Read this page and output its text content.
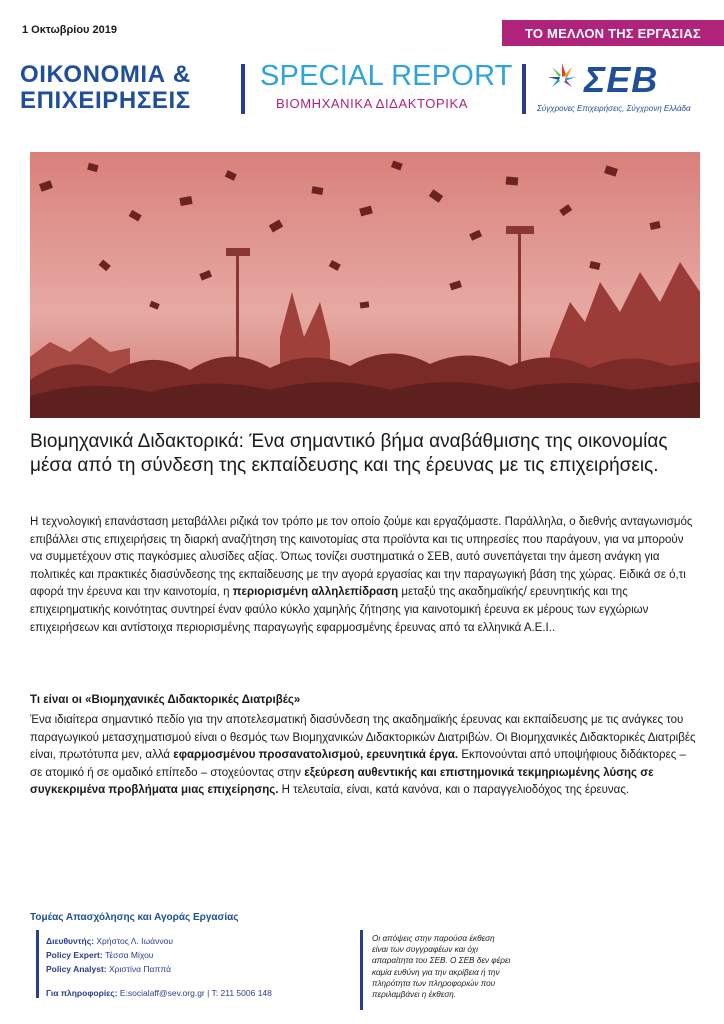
1 Οκτωβρίου 2019	ΤΟ ΜΕΛΛΟΝ ΤΗΣ ΕΡΓΑΣΙΑΣ
ΟΙΚΟΝΟΜΙΑ &
ΕΠΙΧΕΙΡΗΣΕΙΣ
SPECIAL REPORT
ΒΙΟΜΗΧΑΝΙΚΑ ΔΙΔΑΚΤΟΡΙΚΑ
ΣΕΒ
Σύγχρονες Επιχειρήσεις, Σύγχρονη Ελλάδα
Βιομηχανικά Διδακτορικά: Ένα σημαντικό βήμα αναβάθμισης της οικονομίας μέσα από τη σύνδεση της εκπαίδευσης και της έρευνας με τις επιχειρήσεις.
Η τεχνολογική επανάσταση μεταβάλλει ριζικά τον τρόπο με τον οποίο ζούμε και εργαζόμαστε. Παράλληλα, ο διεθνής ανταγωνισμός επιβάλλει στις επιχειρήσεις τη διαρκή αναζήτηση της καινοτομίας στα προϊόντα και τις υπηρεσίες που παράγουν, για να μπορούν να συμμετέχουν στις παγκόσμιες αλυσίδες αξίας. Όπως τονίζει συστηματικά ο ΣΕΒ, αυτό συνεπάγεται την άμεση ανάγκη για πολιτικές και πρακτικές διασύνδεσης της εκπαίδευσης με την αγορά εργασίας και την παραγωγική βάση της χώρας. Ειδικά σε ό,τι αφορά την έρευνα και την καινοτομία, η περιορισμένη αλληλεπίδραση μεταξύ της ακαδημαϊκής/ ερευνητικής και της επιχειρηματικής κοινότητας συντηρεί έναν φαύλο κύκλο χαμηλής ζήτησης για καινοτομική έρευνα εκ μέρους των εγχώριων επιχειρήσεων και αντίστοιχα περιορισμένης παραγωγής εφαρμοσμένης έρευνας από τα ελληνικά Α.Ε.Ι..
Τι είναι οι «Βιομηχανικές Διδακτορικές Διατριβές»
Ένα ιδιαίτερα σημαντικό πεδίο για την αποτελεσματική διασύνδεση της ακαδημαϊκής έρευνας και εκπαίδευσης με τις ανάγκες του παραγωγικού μετασχηματισμού είναι ο θεσμός των Βιομηχανικών Διδακτορικών Διατριβών. Οι Βιομηχανικές Διδακτορικές Διατριβές είναι, πρωτότυπα μεν, αλλά εφαρμοσμένου προσανατολισμού, ερευνητικά έργα. Εκπονούνται από υποψήφιους διδάκτορες – σε ατομικό ή σε ομαδικό επίπεδο – στοχεύοντας στην εξεύρεση αυθεντικής και επιστημονικά τεκμηριωμένης λύσης σε συγκεκριμένα προβλήματα μιας επιχείρησης. Η τελευταία, είναι, κατά κανόνα, και ο παραγγελιοδόχος της έρευνας.
Τομέας Απασχόλησης και Αγοράς Εργασίας
Διευθυντής: Χρήστος Λ. Ιωάννου
Policy Expert: Τέσσα Μίχου
Policy Analyst: Χριστίνα Παππά
Για πληροφορίες: E:socialaff@sev.org.gr | T: 211 5006 148
Οι απόψεις στην παρούσα έκθεση είναι των συγγραφέων και όχι απαραίτητα του ΣΕΒ. Ο ΣΕΒ δεν φέρει καμία ευθύνη για την ακρίβεια ή την πληρότητα των πληροφοριών που περιλαμβάνει η έκθεση.
